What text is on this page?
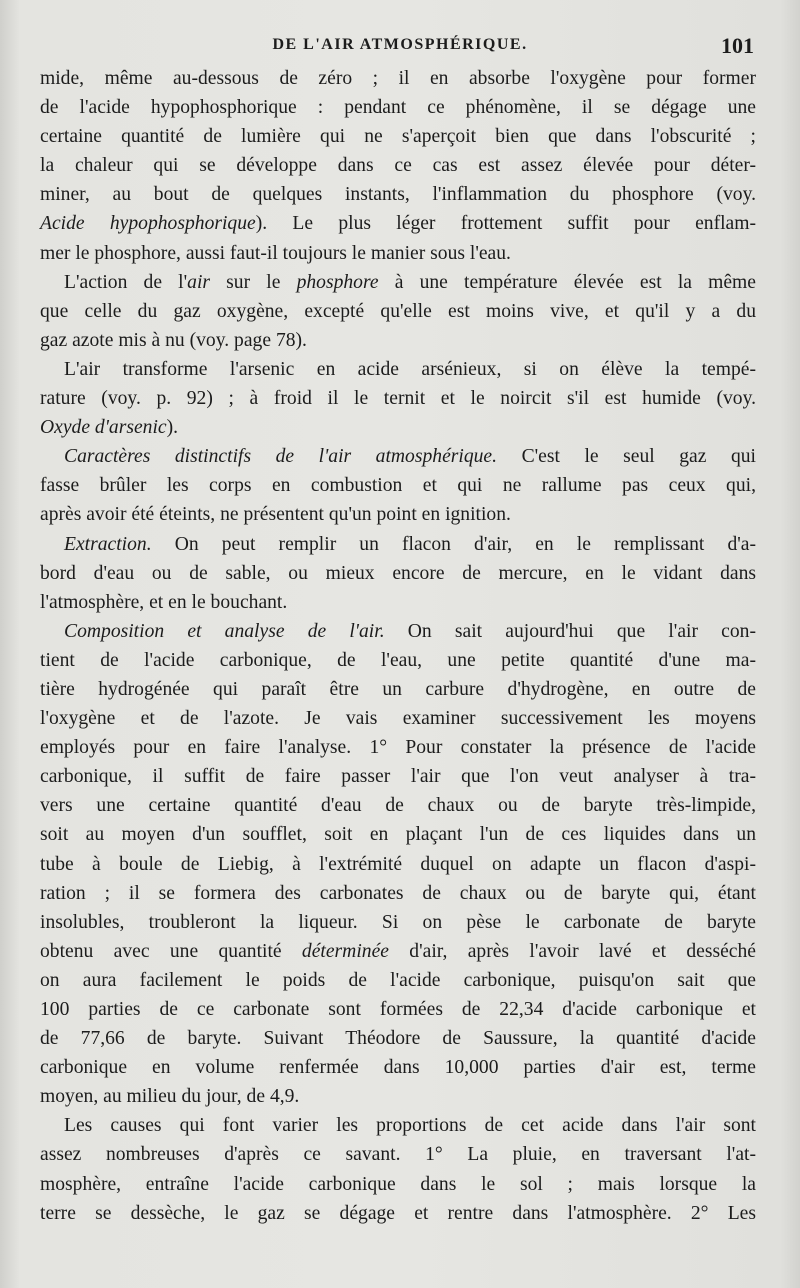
DE L'AIR ATMOSPHÉRIQUE.	101
mide, même au-dessous de zéro ; il en absorbe l'oxygène pour former
de l'acide hypophosphorique : pendant ce phénomène, il se dégage une
certaine quantité de lumière qui ne s'aperçoit bien que dans l'obscurité ;
la chaleur qui se développe dans ce cas est assez élevée pour déter-
miner, au bout de quelques instants, l'inflammation du phosphore (voy.
Acide hypophosphorique). Le plus léger frottement suffit pour enflam-
mer le phosphore, aussi faut-il toujours le manier sous l'eau.
L'action de l'air sur le phosphore à une température élevée est la même
que celle du gaz oxygène, excepté qu'elle est moins vive, et qu'il y a du
gaz azote mis à nu (voy. page 78).
L'air transforme l'arsenic en acide arsénieux, si on élève la tempé-
rature (voy. p. 92) ; à froid il le ternit et le noircit s'il est humide (voy.
Oxyde d'arsenic).
Caractères distinctifs de l'air atmosphérique. C'est le seul gaz qui
fasse brûler les corps en combustion et qui ne rallume pas ceux qui,
après avoir été éteints, ne présentent qu'un point en ignition.
Extraction. On peut remplir un flacon d'air, en le remplissant d'a-
bord d'eau ou de sable, ou mieux encore de mercure, en le vidant dans
l'atmosphère, et en le bouchant.
Composition et analyse de l'air. On sait aujourd'hui que l'air con-
tient de l'acide carbonique, de l'eau, une petite quantité d'une ma-
tière hydrogénée qui paraît être un carbure d'hydrogène, en outre de
l'oxygène et de l'azote. Je vais examiner successivement les moyens
employés pour en faire l'analyse. 1° Pour constater la présence de l'acide
carbonique, il suffit de faire passer l'air que l'on veut analyser à tra-
vers une certaine quantité d'eau de chaux ou de baryte très-limpide,
soit au moyen d'un soufflet, soit en plaçant l'un de ces liquides dans un
tube à boule de Liebig, à l'extrémité duquel on adapte un flacon d'aspi-
ration ; il se formera des carbonates de chaux ou de baryte qui, étant
insolubles, troubleront la liqueur. Si on pèse le carbonate de baryte
obtenu avec une quantité déterminée d'air, après l'avoir lavé et desséché
on aura facilement le poids de l'acide carbonique, puisqu'on sait que
100 parties de ce carbonate sont formées de 22,34 d'acide carbonique et
de 77,66 de baryte. Suivant Théodore de Saussure, la quantité d'acide
carbonique en volume renfermée dans 10,000 parties d'air est, terme
moyen, au milieu du jour, de 4,9.
Les causes qui font varier les proportions de cet acide dans l'air sont
assez nombreuses d'après ce savant. 1° La pluie, en traversant l'at-
mosphère, entraîne l'acide carbonique dans le sol ; mais lorsque la
terre se dessèche, le gaz se dégage et rentre dans l'atmosphère. 2° Les
